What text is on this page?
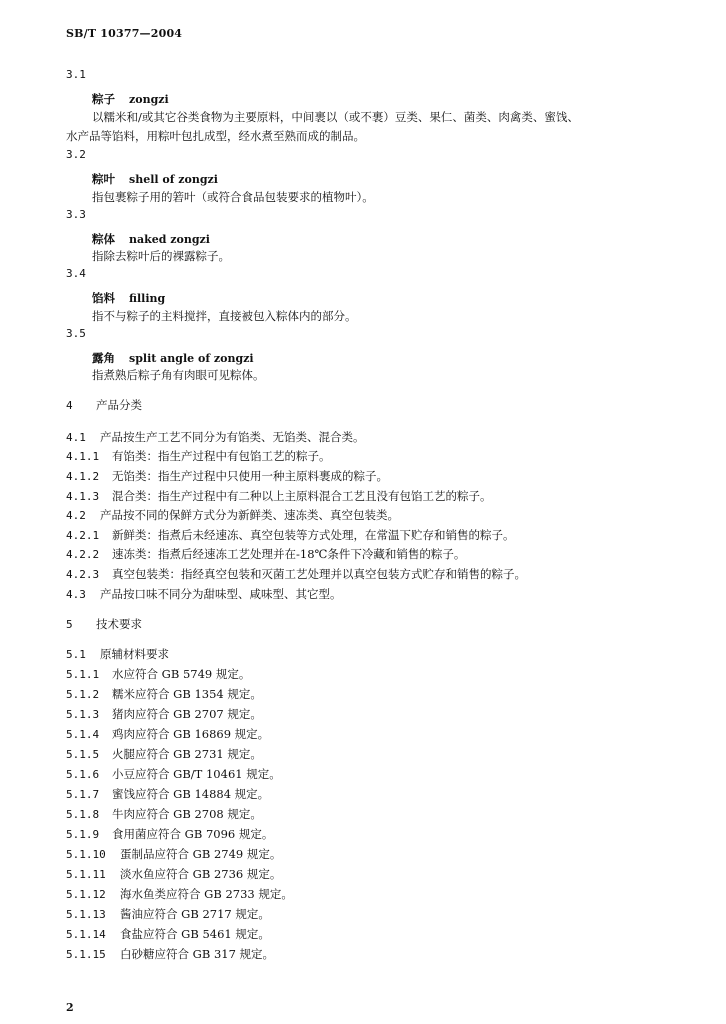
SB/T 10377—2004
3.1
粽子 zongzi
以糯米和/或其它谷类食物为主要原料，中间裹以（或不裹）豆类、果仁、菌类、肉禽类、蜜饯、
水产品等馅料，用粽叶包扎成型，经水煮至熟而成的制品。
3.2
粽叶 shell of zongzi
指包裹粽子用的箬叶（或符合食品包装要求的植物叶）。
3.3
粽体 naked zongzi
指除去粽叶后的裸露粽子。
3.4
馅料 filling
指不与粽子的主料搅拌，直接被包入粽体内的部分。
3.5
露角 split angle of zongzi
指煮熟后粽子角有肉眼可见粽体。
4 产品分类
4.1 产品按生产工艺不同分为有馅类、无馅类、混合类。
4.1.1 有馅类：指生产过程中有包馅工艺的粽子。
4.1.2 无馅类：指生产过程中只使用一种主原料裹成的粽子。
4.1.3 混合类：指生产过程中有二种以上主原料混合工艺且没有包馅工艺的粽子。
4.2 产品按不同的保鲜方式分为新鲜类、速冻类、真空包装类。
4.2.1 新鲜类：指煮后未经速冻、真空包装等方式处理，在常温下贮存和销售的粽子。
4.2.2 速冻类：指煮后经速冻工艺处理并在-18℃条件下冷藏和销售的粽子。
4.2.3 真空包装类：指经真空包装和灭菌工艺处理并以真空包装方式贮存和销售的粽子。
4.3 产品按口味不同分为甜味型、咸味型、其它型。
5 技术要求
5.1 原辅材料要求
5.1.1 水应符合 GB 5749 规定。
5.1.2 糯米应符合 GB 1354 规定。
5.1.3 猪肉应符合 GB 2707 规定。
5.1.4 鸡肉应符合 GB 16869 规定。
5.1.5 火腿应符合 GB 2731 规定。
5.1.6 小豆应符合 GB/T 10461 规定。
5.1.7 蜜饯应符合 GB 14884 规定。
5.1.8 牛肉应符合 GB 2708 规定。
5.1.9 食用菌应符合 GB 7096 规定。
5.1.10 蛋制品应符合 GB 2749 规定。
5.1.11 淡水鱼应符合 GB 2736 规定。
5.1.12 海水鱼类应符合 GB 2733 规定。
5.1.13 酱油应符合 GB 2717 规定。
5.1.14 食盐应符合 GB 5461 规定。
5.1.15 白砂糖应符合 GB 317 规定。
2
